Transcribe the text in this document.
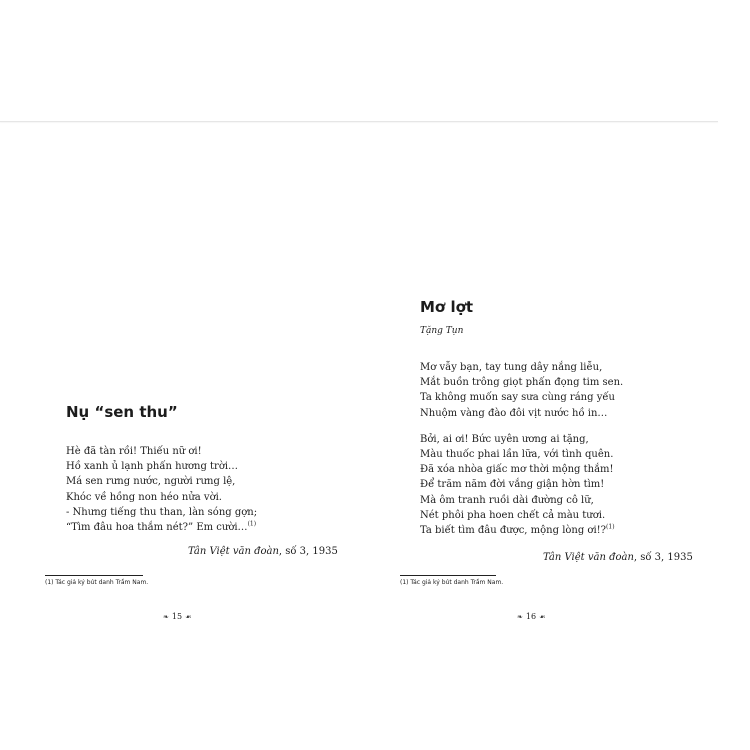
Nụ “sen thu”
Hè đã tàn rồi! Thiếu nữ ơi!
Hồ xanh ủ lạnh phấn hương trời…
Má sen rưng nước, người rưng lệ,
Khóc về hồng non héo nửa vời.
- Nhưng tiếng thu than, làn sóng gợn;
“Tìm đâu hoa thắm nét?” Em cười…$^{(1)}$
Tân Việt văn đoàn, số 3, 1935
(1) Tác giả ký bút danh Trầm Nam.
❧ 15 ☙
Mơ lợt
Tặng Tụn
Mơ vẫy bạn, tay tung dây nắng liễu,
Mắt buồn trông giọt phấn đọng tim sen.
Ta không muốn say sưa cùng ráng yếu
Nhuộm vàng đào đôi vịt nước hồ in…
Bởi, ai ơi! Bức uyên ương ai tặng,
Màu thuốc phai lần lữa, với tình quên.
Đã xóa nhòa giấc mơ thời mộng thắm!
Để trăm năm đời vắng giận hờn tìm!
Mà ôm tranh ruồi dài đường cô lữ,
Nét phôi pha hoen chết cả màu tươi.
Ta biết tìm đâu được, mộng lòng ơi!?$^{(1)}$
Tân Việt văn đoàn, số 3, 1935
(1) Tác giả ký bút danh Trầm Nam.
❧ 16 ☙
